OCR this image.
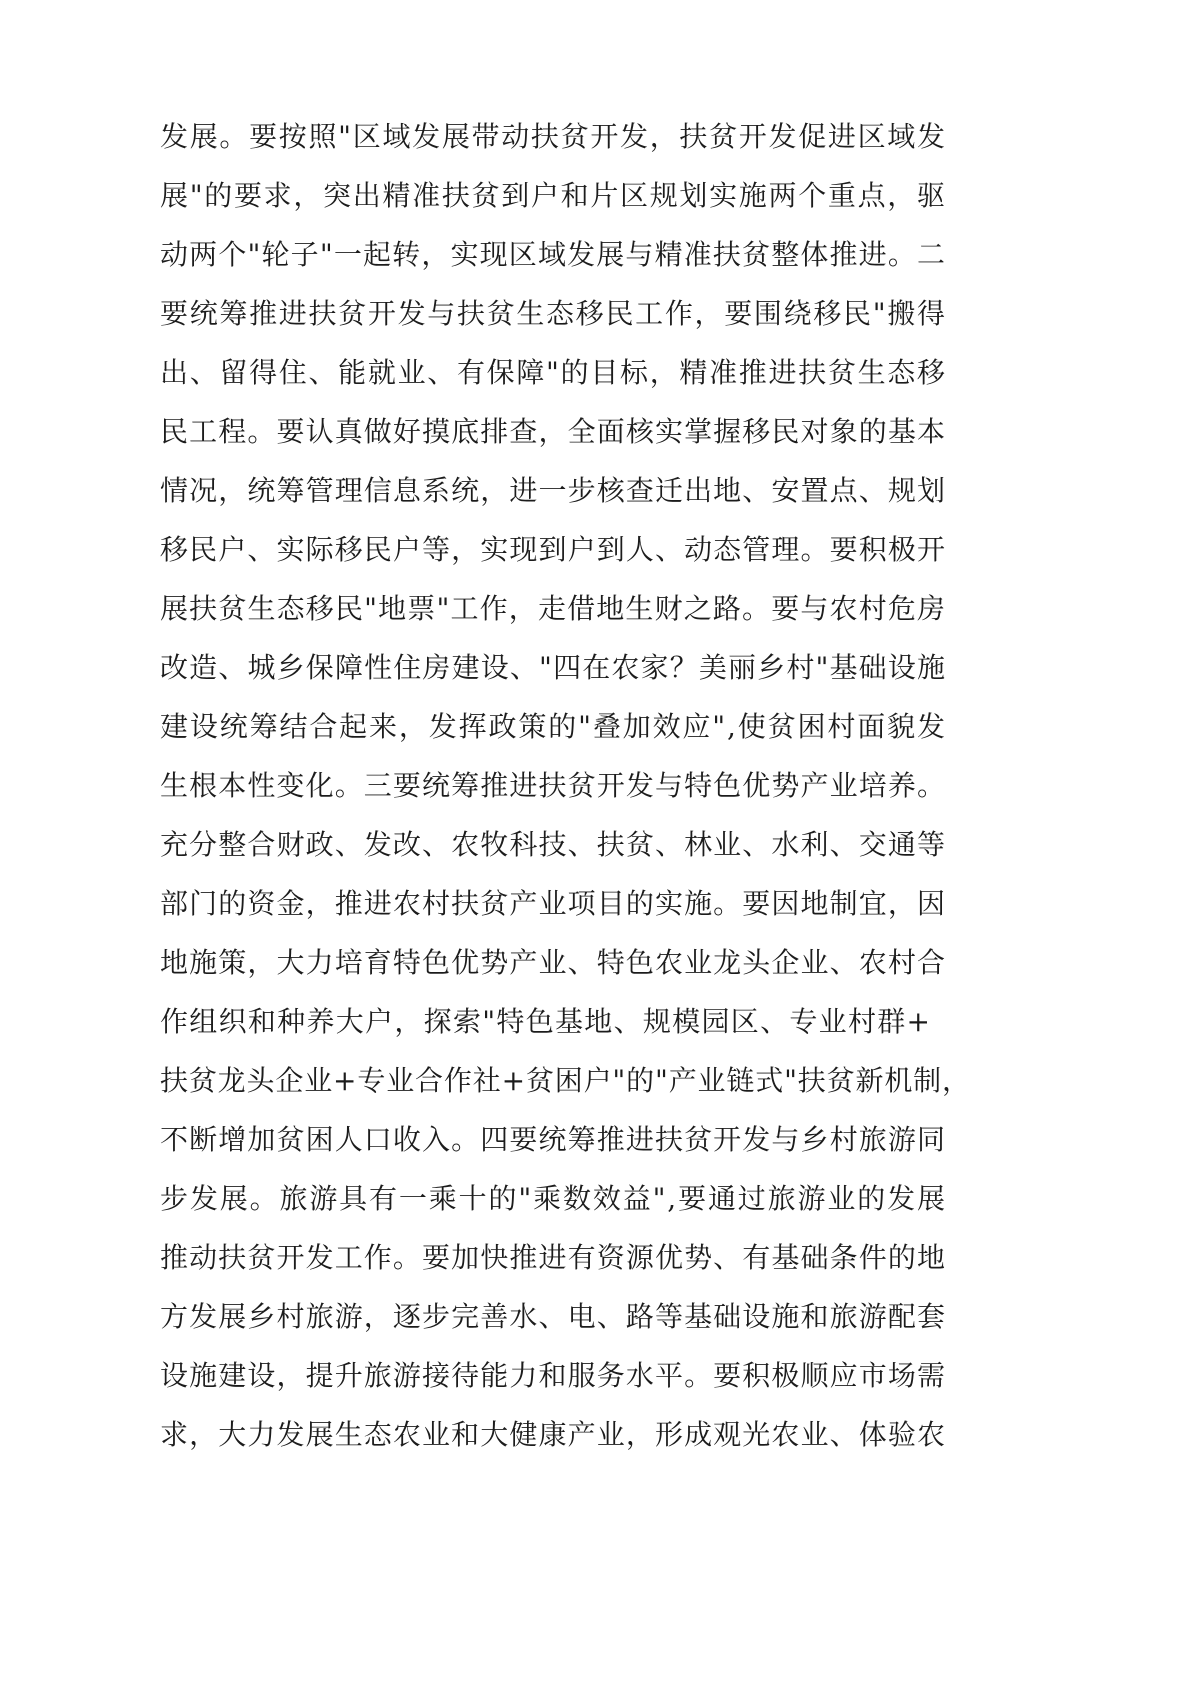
发展。要按照"区域发展带动扶贫开发，扶贫开发促进区域发
展"的要求，突出精准扶贫到户和片区规划实施两个重点，驱
动两个"轮子"一起转，实现区域发展与精准扶贫整体推进。二
要统筹推进扶贫开发与扶贫生态移民工作，要围绕移民"搬得
出、留得住、能就业、有保障"的目标，精准推进扶贫生态移
民工程。要认真做好摸底排查，全面核实掌握移民对象的基本
情况，统筹管理信息系统，进一步核查迁出地、安置点、规划
移民户、实际移民户等，实现到户到人、动态管理。要积极开
展扶贫生态移民"地票"工作，走借地生财之路。要与农村危房
改造、城乡保障性住房建设、"四在农家？美丽乡村"基础设施
建设统筹结合起来，发挥政策的"叠加效应",使贫困村面貌发
生根本性变化。三要统筹推进扶贫开发与特色优势产业培养。
充分整合财政、发改、农牧科技、扶贫、林业、水利、交通等
部门的资金，推进农村扶贫产业项目的实施。要因地制宜，因
地施策，大力培育特色优势产业、特色农业龙头企业、农村合
作组织和种养大户，探索"特色基地、规模园区、专业村群+
扶贫龙头企业+专业合作社+贫困户"的"产业链式"扶贫新机制，
不断增加贫困人口收入。四要统筹推进扶贫开发与乡村旅游同
步发展。旅游具有一乘十的"乘数效益",要通过旅游业的发展
推动扶贫开发工作。要加快推进有资源优势、有基础条件的地
方发展乡村旅游，逐步完善水、电、路等基础设施和旅游配套
设施建设，提升旅游接待能力和服务水平。要积极顺应市场需
求，大力发展生态农业和大健康产业，形成观光农业、体验农
